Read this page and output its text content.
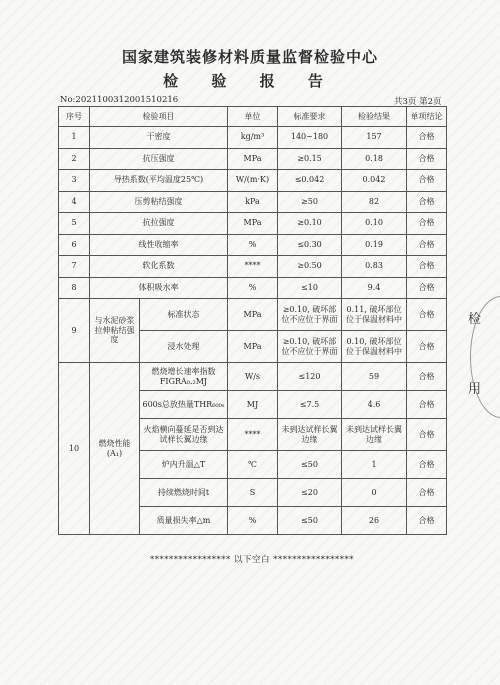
国家建筑装修材料质量监督检验中心
检 验 报 告
No:2021100312001510216	共3页 第2页
序号	检验项目		单位	标准要求	检验结果	单项结论
1	干密度		kg/m³	140~180	157	合格
2	抗压强度		MPa	≥0.15	0.18	合格
3	导热系数(平均温度25℃)		W/(m·K)	≤0.042	0.042	合格
4	压剪粘结强度		kPa	≥50	82	合格
5	抗拉强度		MPa	≥0.10	0.10	合格
6	线性收缩率		%	≤0.30	0.19	合格
7	软化系数		****	≥0.50	0.83	合格
8	体积吸水率		%	≤10	9.4	合格
9	与水泥砂浆拉伸粘结强度	标准状态	MPa	≥0.10, 破坏部位不应位于界面	0.11, 破坏部位位于保温材料中	合格
		浸水处理	MPa	≥0.10, 破坏部位不应位于界面	0.10, 破坏部位位于保温材料中	合格
10	燃烧性能(A₁)	燃烧增长速率指数FIGRA₀.₂MJ	W/s	≤120	59	合格
		600s总放热量THR₆₀₀ₛ	MJ	≤7.5	4.6	合格
		火焰横向蔓延是否到达试样长翼边缘	****	未到达试样长翼边缘	未到达试样长翼边缘	合格
		炉内升温△T	℃	≤50	1	合格
		持续燃烧时间t	S	≤20	0	合格
		质量损失率△m	%	≤50	26	合格
***************** 以下空白 *****************
检
用
